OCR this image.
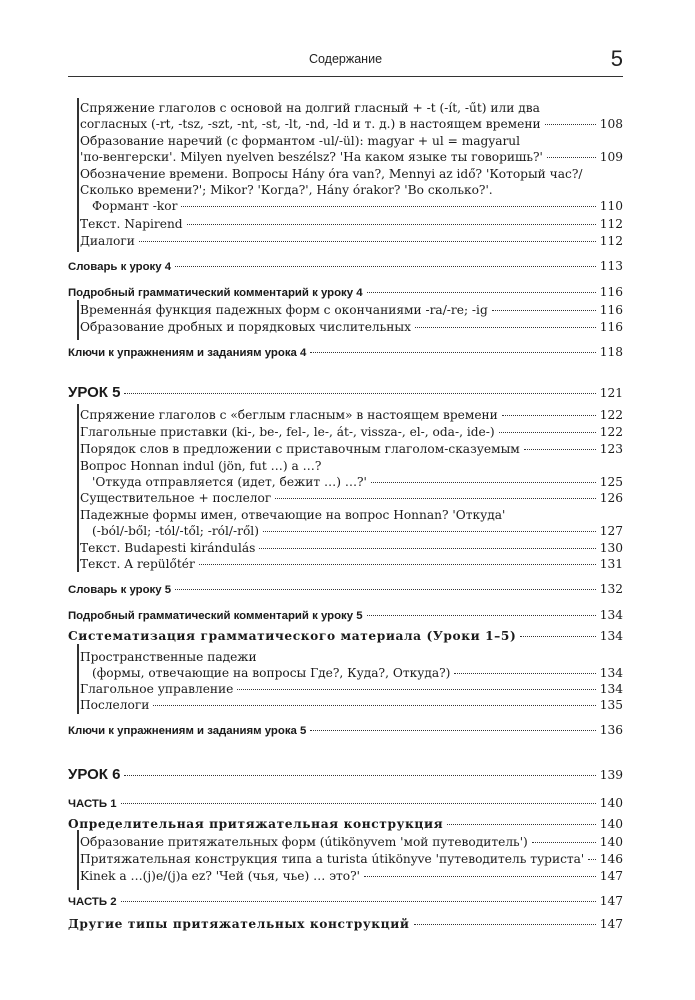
Содержание	5
Спряжение глаголов с основой на долгий гласный + -t (-ít, -űt) или два
согласных (-rt, -tsz, -szt, -nt, -st, -lt, -nd, -ld и т. д.) в настоящем времени	108
Образование наречий (с формантом -ul/-ül): magyar + ul = magyarul
'по-венгерски'. Milyen nyelven beszélsz? 'На каком языке ты говоришь?'	109
Обозначение времени. Вопросы Hány óra van?, Mennyi az idő? 'Который час?/
Сколько времени?'; Mikor? 'Когда?', Hány órakor? 'Во сколько?'.
Формант -kor	110
Текст. Napirend	112
Диалоги	112
Словарь к уроку 4	113
Подробный грамматический комментарий к уроку 4	116
Временнáя функция падежных форм с окончаниями -ra/-re; -ig	116
Образование дробных и порядковых числительных	116
Ключи к упражнениям и заданиям урока 4	118
УРОК 5	121
Спряжение глаголов с «беглым гласным» в настоящем времени	122
Глагольные приставки (ki-, be-, fel-, le-, át-, vissza-, el-, oda-, ide-)	122
Порядок слов в предложении с приставочным глаголом-сказуемым	123
Вопрос Honnan indul (jön, fut …) a …?
'Откуда отправляется (идет, бежит …) …?'	125
Существительное + послелог	126
Падежные формы имен, отвечающие на вопрос Honnan? 'Откуда'
(-ból/-ből; -tól/-től; -ról/-ről)	127
Текст. Budapesti kirándulás	130
Текст. A repülőtér	131
Словарь к уроку 5	132
Подробный грамматический комментарий к уроку 5	134
Систематизация грамматического материала (Уроки 1–5)	134
Пространственные падежи
(формы, отвечающие на вопросы Где?, Куда?, Откуда?)	134
Глагольное управление	134
Послелоги	135
Ключи к упражнениям и заданиям урока 5	136
УРОК 6	139
ЧАСТЬ 1	140
Определительная притяжательная конструкция	140
Образование притяжательных форм (útikönyvem 'мой путеводитель')	140
Притяжательная конструкция типа a turista útikönyve 'путеводитель туриста' 146
Kinek a …(j)e/(j)a ez? 'Чей (чья, чье) … это?'	147
ЧАСТЬ 2	147
Другие типы притяжательных конструкций	147
